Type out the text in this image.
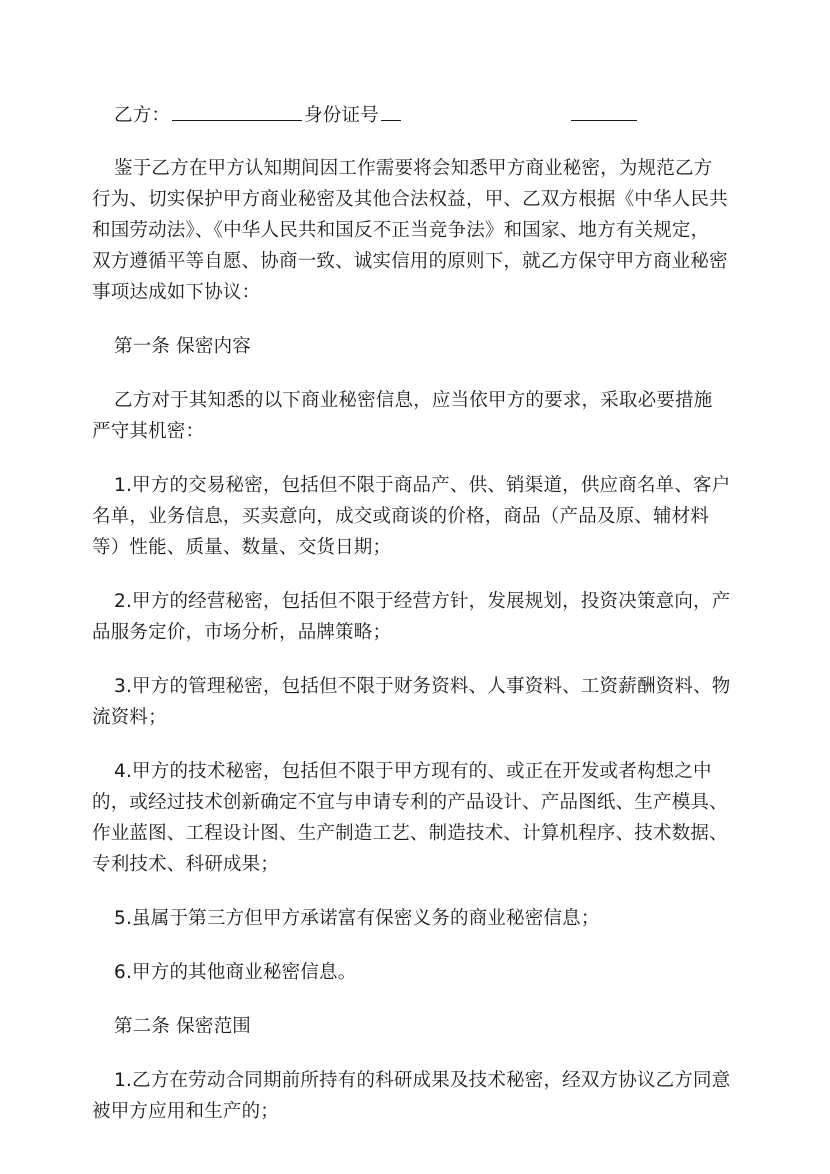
乙方：	身份证号
鉴于乙方在甲方认知期间因工作需要将会知悉甲方商业秘密，为规范乙方
行为、切实保护甲方商业秘密及其他合法权益，甲、乙双方根据《中华人民共
和国劳动法》、《中华人民共和国反不正当竞争法》和国家、地方有关规定，
双方遵循平等自愿、协商一致、诚实信用的原则下，就乙方保守甲方商业秘密
事项达成如下协议：
第一条 保密内容
乙方对于其知悉的以下商业秘密信息，应当依甲方的要求，采取必要措施
严守其机密：
1.甲方的交易秘密，包括但不限于商品产、供、销渠道，供应商名单、客户
名单，业务信息，买卖意向，成交或商谈的价格，商品（产品及原、辅材料
等）性能、质量、数量、交货日期；
2.甲方的经营秘密，包括但不限于经营方针，发展规划，投资决策意向，产
品服务定价，市场分析，品牌策略；
3.甲方的管理秘密，包括但不限于财务资料、人事资料、工资薪酬资料、物
流资料；
4.甲方的技术秘密，包括但不限于甲方现有的、或正在开发或者构想之中
的，或经过技术创新确定不宜与申请专利的产品设计、产品图纸、生产模具、
作业蓝图、工程设计图、生产制造工艺、制造技术、计算机程序、技术数据、
专利技术、科研成果；
5.虽属于第三方但甲方承诺富有保密义务的商业秘密信息；
6.甲方的其他商业秘密信息。
第二条 保密范围
1.乙方在劳动合同期前所持有的科研成果及技术秘密，经双方协议乙方同意
被甲方应用和生产的；
